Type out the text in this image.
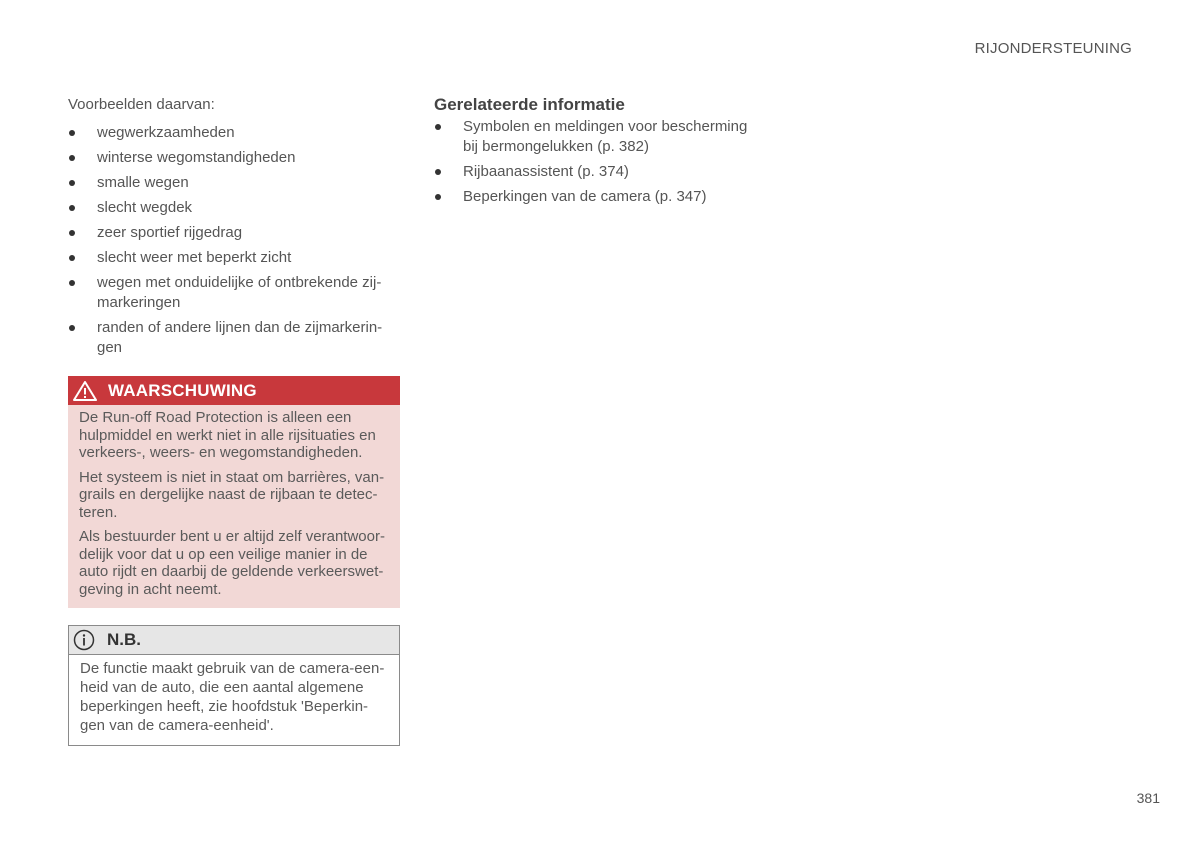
RIJONDERSTEUNING

Voorbeelden daarvan:

wegwerkzaamheden
winterse wegomstandigheden
smalle wegen
slecht wegdek
zeer sportief rijgedrag
slecht weer met beperkt zicht
wegen met onduidelijke of ontbrekende zij-
markeringen
randen of andere lijnen dan de zijmarkerin-
gen
WAARSCHUWING

De Run-off Road Protection is alleen een
hulpmiddel en werkt niet in alle rijsituaties en
verkeers-, weers- en wegomstandigheden.

Het systeem is niet in staat om barrières, van-
grails en dergelijke naast de rijbaan te detec-
teren.

Als bestuurder bent u er altijd zelf verantwoor-
delijk voor dat u op een veilige manier in de
auto rijdt en daarbij de geldende verkeerswet-
geving in acht neemt.

N.B.

De functie maakt gebruik van de camera-een-
heid van de auto, die een aantal algemene
beperkingen heeft, zie hoofdstuk 'Beperkin-
gen van de camera-eenheid'.

Gerelateerde informatie
Symbolen en meldingen voor bescherming
bij bermongelukken (p. 382)
Rijbaanassistent (p. 374)
Beperkingen van de camera (p. 347)
381
